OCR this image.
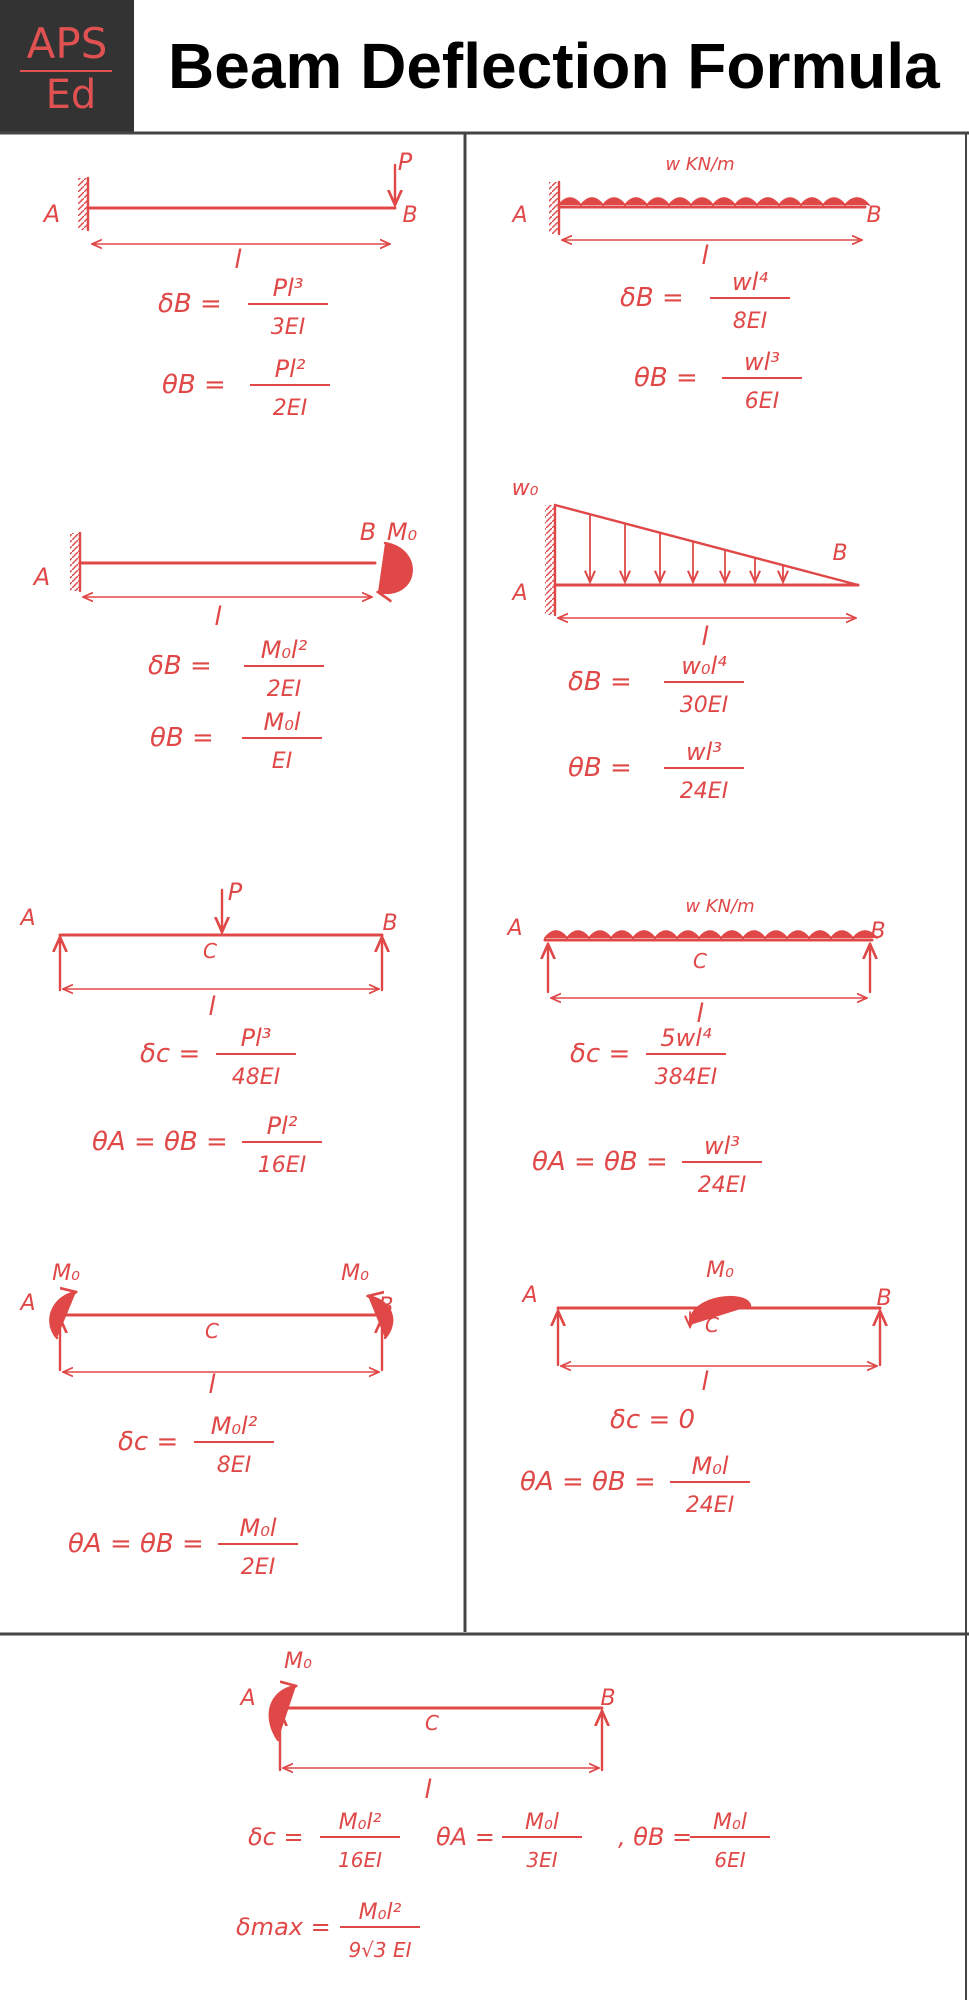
APS
Ed	Beam Deflection Formula
A	B
P
l
A	B
w KN/m
l
A
B M₀
l
A
B
w₀
l
A	B
P
C
l
A	B
w KN/m
C
l
A	B
M₀	M₀
C
l
A	B
M₀
C
l
A	B
M₀
C
l
δB =
Pl³
3EI
θB =
Pl²
2EI
δB =
wl⁴
8EI
θB =
wl³
6EI
δB =
M₀l²
2EI
θB =
M₀l
EI
δB =
w₀l⁴
30EI
θB =
wl³
24EI
δc =
Pl³
48EI
θA = θB =
Pl²
16EI
δc =
5wl⁴
384EI
θA = θB =
wl³
24EI
δc =
M₀l²
8EI
θA = θB =
M₀l
2EI
δc = 0
θA = θB =
M₀l
24EI
δc =
M₀l²
16EI
θA =
M₀l
3EI
, θB =
M₀l
6EI
δmax =
M₀l²
9√3 EI
